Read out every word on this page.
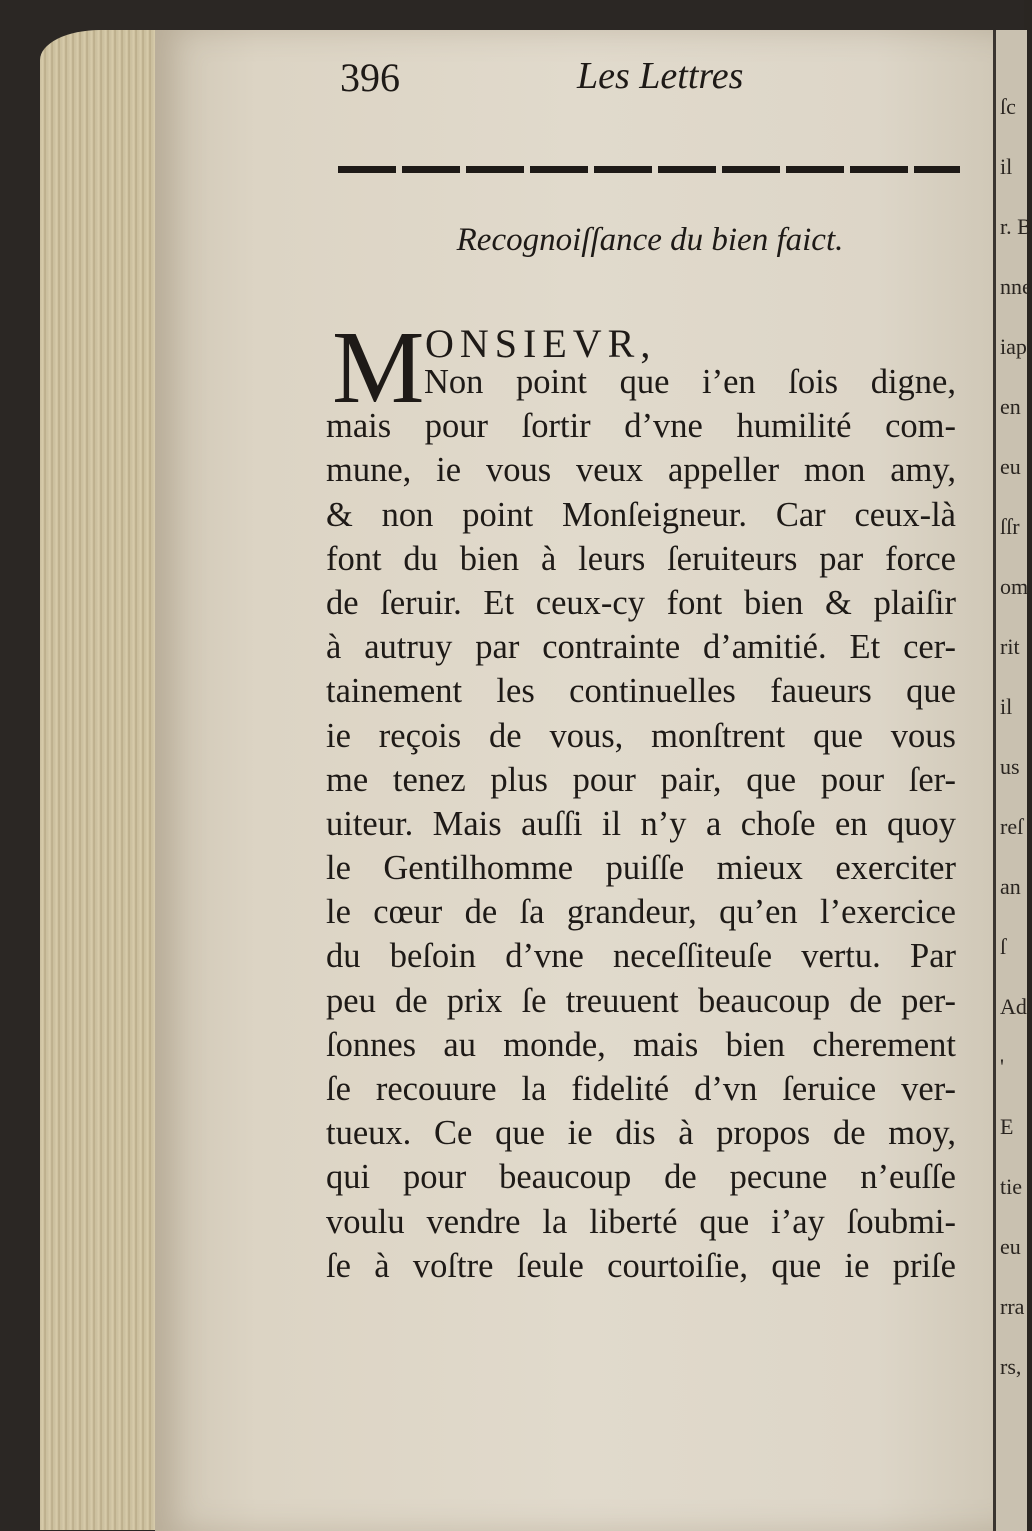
ſc
il
r. B
nne
iap
en
eu
ſſr
om
rit
il
us
reſ
an
ſ
Ad
'
E
tie
eu
rra
rs,
396	Les Lettres
Recognoiſſance du bien faict.
M ONSIEVR,
Non point que i’en ſois digne,
mais pour ſortir d’vne humilité com-
mune, ie vous veux appeller mon amy,
& non point Monſeigneur. Car ceux-là
font du bien à leurs ſeruiteurs par force
de ſeruir. Et ceux-cy font bien & plaiſir
à autruy par contrainte d’amitié. Et cer-
tainement les continuelles faueurs que
ie reçois de vous, monſtrent que vous
me tenez plus pour pair, que pour ſer-
uiteur. Mais auſſi il n’y a choſe en quoy
le Gentilhomme puiſſe mieux exerciter
le cœur de ſa grandeur, qu’en l’exercice
du beſoin d’vne neceſſiteuſe vertu. Par
peu de prix ſe treuuent beaucoup de per-
ſonnes au monde, mais bien cherement
ſe recouure la fidelité d’vn ſeruice ver-
tueux. Ce que ie dis à propos de moy,
qui pour beaucoup de pecune n’euſſe
voulu vendre la liberté que i’ay ſoubmi-
ſe à voſtre ſeule courtoiſie, que ie priſe
